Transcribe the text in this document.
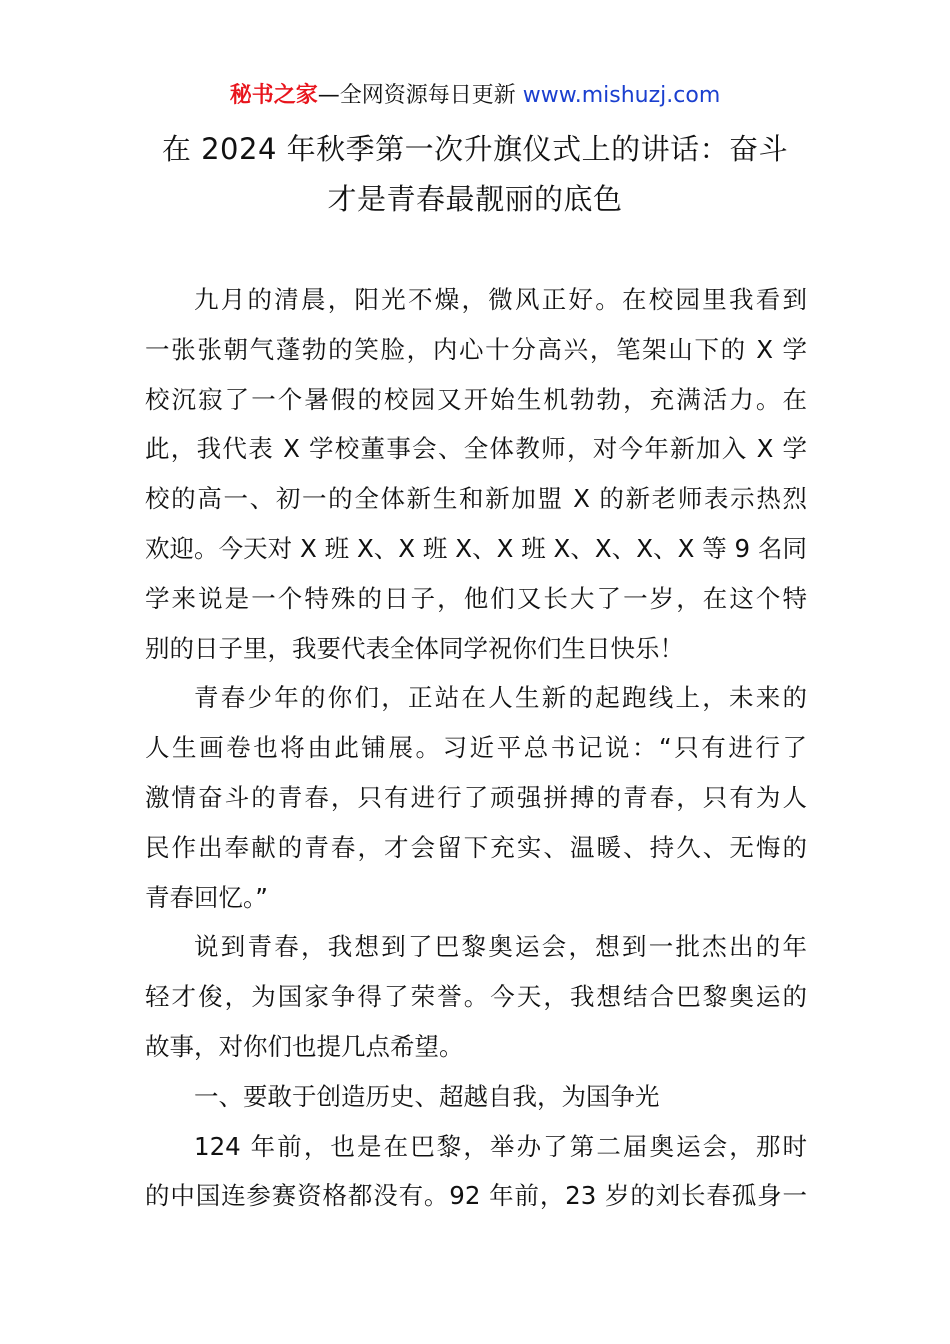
秘书之家—全网资源每日更新 www.mishuzj.com
在 2024 年秋季第一次升旗仪式上的讲话：奋斗
才是青春最靓丽的底色
九月的清晨，阳光不燥，微风正好。在校园里我看到
一张张朝气蓬勃的笑脸，内心十分高兴，笔架山下的 X 学
校沉寂了一个暑假的校园又开始生机勃勃，充满活力。在
此，我代表 X 学校董事会、全体教师，对今年新加入 X 学
校的高一、初一的全体新生和新加盟 X 的新老师表示热烈
欢迎。今天对 X 班 X、X 班 X、X 班 X、X、X、X 等 9 名同
学来说是一个特殊的日子，他们又长大了一岁，在这个特
别的日子里，我要代表全体同学祝你们生日快乐！
青春少年的你们，正站在人生新的起跑线上，未来的
人生画卷也将由此铺展。习近平总书记说：“只有进行了
激情奋斗的青春，只有进行了顽强拼搏的青春，只有为人
民作出奉献的青春，才会留下充实、温暖、持久、无悔的
青春回忆。”
说到青春，我想到了巴黎奥运会，想到一批杰出的年
轻才俊，为国家争得了荣誉。今天，我想结合巴黎奥运的
故事，对你们也提几点希望。
一、要敢于创造历史、超越自我，为国争光
124 年前，也是在巴黎，举办了第二届奥运会，那时
的中国连参赛资格都没有。92 年前，23 岁的刘长春孤身一
